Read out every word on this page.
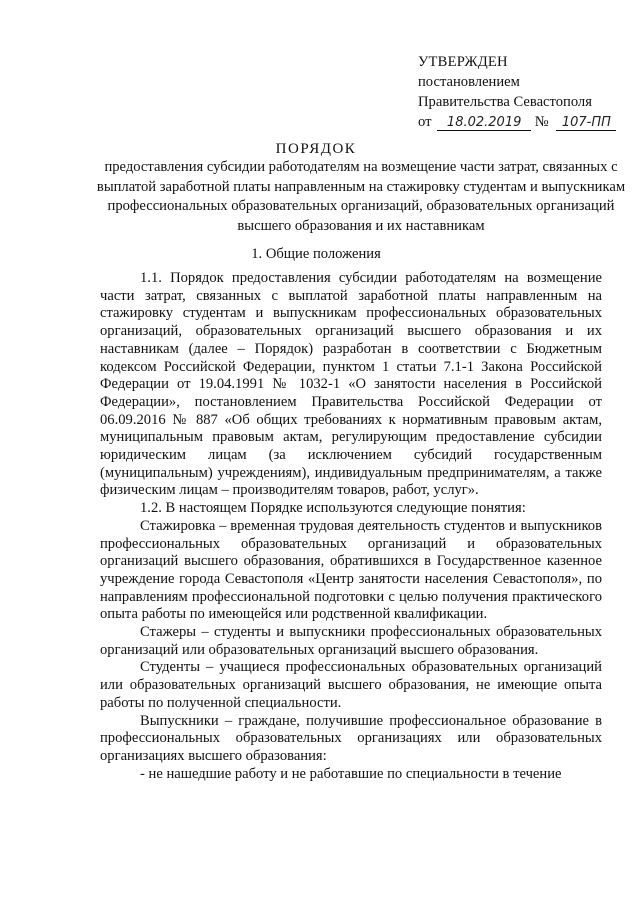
УТВЕРЖДЕН
постановлением
Правительства Севастополя
от 18.02.2019 № 107-ПП
ПОРЯДОК
предоставления субсидии работодателям на возмещение части затрат, связанных с выплатой заработной платы направленным на стажировку студентам и выпускникам профессиональных образовательных организаций, образовательных организаций высшего образования и их наставникам
1. Общие положения

1.1. Порядок предоставления субсидии работодателям на возмещение части затрат, связанных с выплатой заработной платы направленным на стажировку студентам и выпускникам профессиональных образовательных организаций, образовательных организаций высшего образования и их наставникам (далее – Порядок) разработан в соответствии с Бюджетным кодексом Российской Федерации, пунктом 1 статьи 7.1-1 Закона Российской Федерации от 19.04.1991 № 1032-1 «О занятости населения в Российской Федерации», постановлением Правительства Российской Федерации от 06.09.2016 № 887 «Об общих требованиях к нормативным правовым актам, муниципальным правовым актам, регулирующим предоставление субсидии юридическим лицам (за исключением субсидий государственным (муниципальным) учреждениям), индивидуальным предпринимателям, а также физическим лицам – производителям товаров, работ, услуг».

1.2. В настоящем Порядке используются следующие понятия:

Стажировка – временная трудовая деятельность студентов и выпускников профессиональных образовательных организаций и образовательных организаций высшего образования, обратившихся в Государственное казенное учреждение города Севастополя «Центр занятости населения Севастополя», по направлениям профессиональной подготовки с целью получения практического опыта работы по имеющейся или родственной квалификации.

Стажеры – студенты и выпускники профессиональных образовательных организаций или образовательных организаций высшего образования.

Студенты – учащиеся профессиональных образовательных организаций или образовательных организаций высшего образования, не имеющие опыта работы по полученной специальности.

Выпускники – граждане, получившие профессиональное образование в профессиональных образовательных организациях или образовательных организациях высшего образования:

- не нашедшие работу и не работавшие по специальности в течение
